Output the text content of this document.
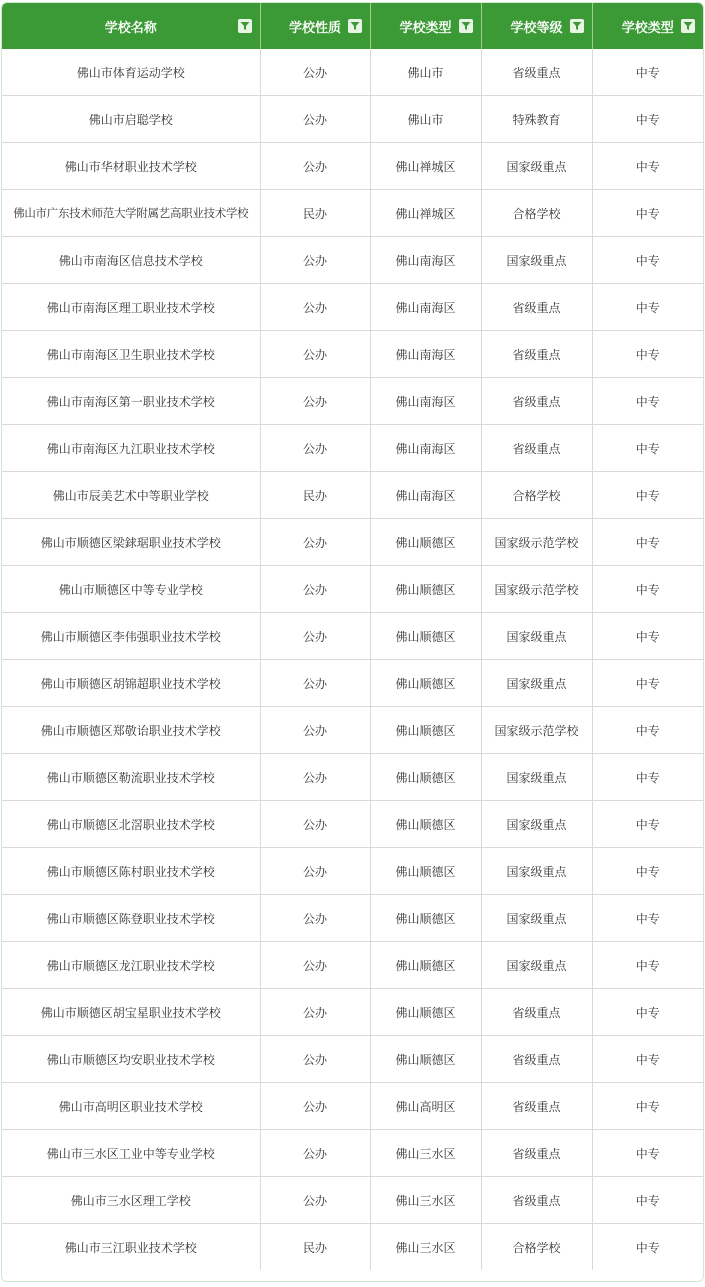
学校名称	学校性质	学校类型	学校等级	学校类型

佛山市体育运动学校	公办	佛山市	省级重点	中专
佛山市启聪学校	公办	佛山市	特殊教育	中专
佛山市华材职业技术学校	公办	佛山禅城区	国家级重点	中专
佛山市广东技术师范大学附属艺高职业技术学校	民办	佛山禅城区	合格学校	中专
佛山市南海区信息技术学校	公办	佛山南海区	国家级重点	中专
佛山市南海区理工职业技术学校	公办	佛山南海区	省级重点	中专
佛山市南海区卫生职业技术学校	公办	佛山南海区	省级重点	中专
佛山市南海区第一职业技术学校	公办	佛山南海区	省级重点	中专
佛山市南海区九江职业技术学校	公办	佛山南海区	省级重点	中专
佛山市辰美艺术中等职业学校	民办	佛山南海区	合格学校	中专
佛山市顺德区梁銶琚职业技术学校	公办	佛山顺德区	国家级示范学校	中专
佛山市顺德区中等专业学校	公办	佛山顺德区	国家级示范学校	中专
佛山市顺德区李伟强职业技术学校	公办	佛山顺德区	国家级重点	中专
佛山市顺德区胡锦超职业技术学校	公办	佛山顺德区	国家级重点	中专
佛山市顺德区郑敬诒职业技术学校	公办	佛山顺德区	国家级示范学校	中专
佛山市顺德区勒流职业技术学校	公办	佛山顺德区	国家级重点	中专
佛山市顺德区北滘职业技术学校	公办	佛山顺德区	国家级重点	中专
佛山市顺德区陈村职业技术学校	公办	佛山顺德区	国家级重点	中专
佛山市顺德区陈登职业技术学校	公办	佛山顺德区	国家级重点	中专
佛山市顺德区龙江职业技术学校	公办	佛山顺德区	国家级重点	中专
佛山市顺德区胡宝星职业技术学校	公办	佛山顺德区	省级重点	中专
佛山市顺德区均安职业技术学校	公办	佛山顺德区	省级重点	中专
佛山市高明区职业技术学校	公办	佛山高明区	省级重点	中专
佛山市三水区工业中等专业学校	公办	佛山三水区	省级重点	中专
佛山市三水区理工学校	公办	佛山三水区	省级重点	中专
佛山市三江职业技术学校	民办	佛山三水区	合格学校	中专
